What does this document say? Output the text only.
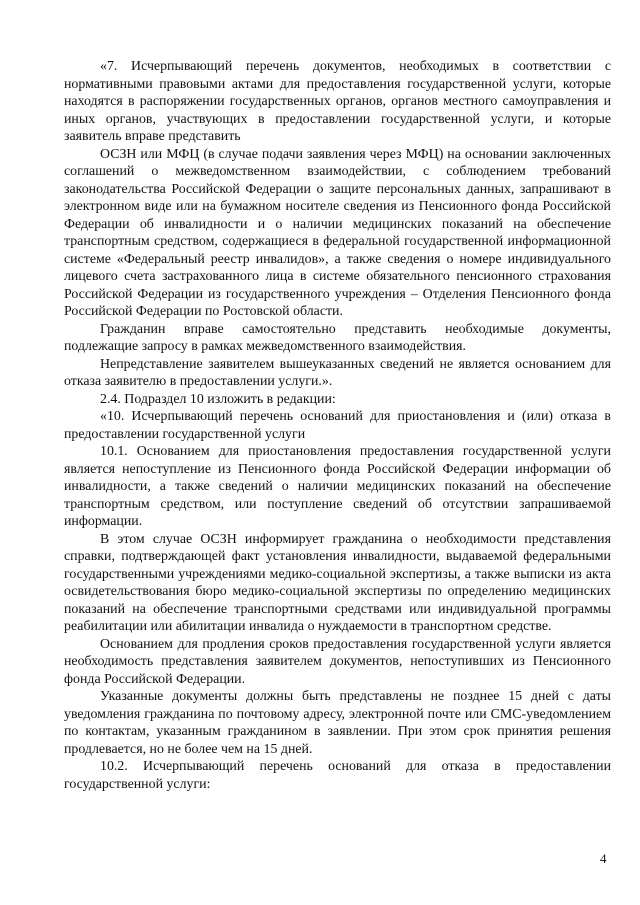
«7. Исчерпывающий перечень документов, необходимых в соответствии с нормативными правовыми актами для предоставления государственной услуги, которые находятся в распоряжении государственных органов, органов местного самоуправления и иных органов, участвующих в предоставлении государственной услуги, и которые заявитель вправе представить

ОСЗН или МФЦ (в случае подачи заявления через МФЦ) на основании заключенных соглашений о межведомственном взаимодействии, с соблюдением требований законодательства Российской Федерации о защите персональных данных, запрашивают в электронном виде или на бумажном носителе сведения из Пенсионного фонда Российской Федерации об инвалидности и о наличии медицинских показаний на обеспечение транспортным средством, содержащиеся в федеральной государственной информационной системе «Федеральный реестр инвалидов», а также сведения о номере индивидуального лицевого счета застрахованного лица в системе обязательного пенсионного страхования Российской Федерации из государственного учреждения – Отделения Пенсионного фонда Российской Федерации по Ростовской области.

Гражданин вправе самостоятельно представить необходимые документы, подлежащие запросу в рамках межведомственного взаимодействия.

Непредставление заявителем вышеуказанных сведений не является основанием для отказа заявителю в предоставлении услуги.».

2.4. Подраздел 10 изложить в редакции:

«10. Исчерпывающий перечень оснований для приостановления и (или) отказа в предоставлении государственной услуги

10.1. Основанием для приостановления предоставления государственной услуги является непоступление из Пенсионного фонда Российской Федерации информации об инвалидности, а также сведений о наличии медицинских показаний на обеспечение транспортным средством, или поступление сведений об отсутствии запрашиваемой информации.

В этом случае ОСЗН информирует гражданина о необходимости представления справки, подтверждающей факт установления инвалидности, выдаваемой федеральными государственными учреждениями медико-социальной экспертизы, а также выписки из акта освидетельствования бюро медико-социальной экспертизы по определению медицинских показаний на обеспечение транспортными средствами или индивидуальной программы реабилитации или абилитации инвалида о нуждаемости в транспортном средстве.

Основанием для продления сроков предоставления государственной услуги является необходимость представления заявителем документов, непоступивших из Пенсионного фонда Российской Федерации.

Указанные документы должны быть представлены не позднее 15 дней с даты уведомления гражданина по почтовому адресу, электронной почте или СМС-уведомлением по контактам, указанным гражданином в заявлении. При этом срок принятия решения продлевается, но не более чем на 15 дней.

10.2. Исчерпывающий перечень оснований для отказа в предоставлении государственной услуги:

4
